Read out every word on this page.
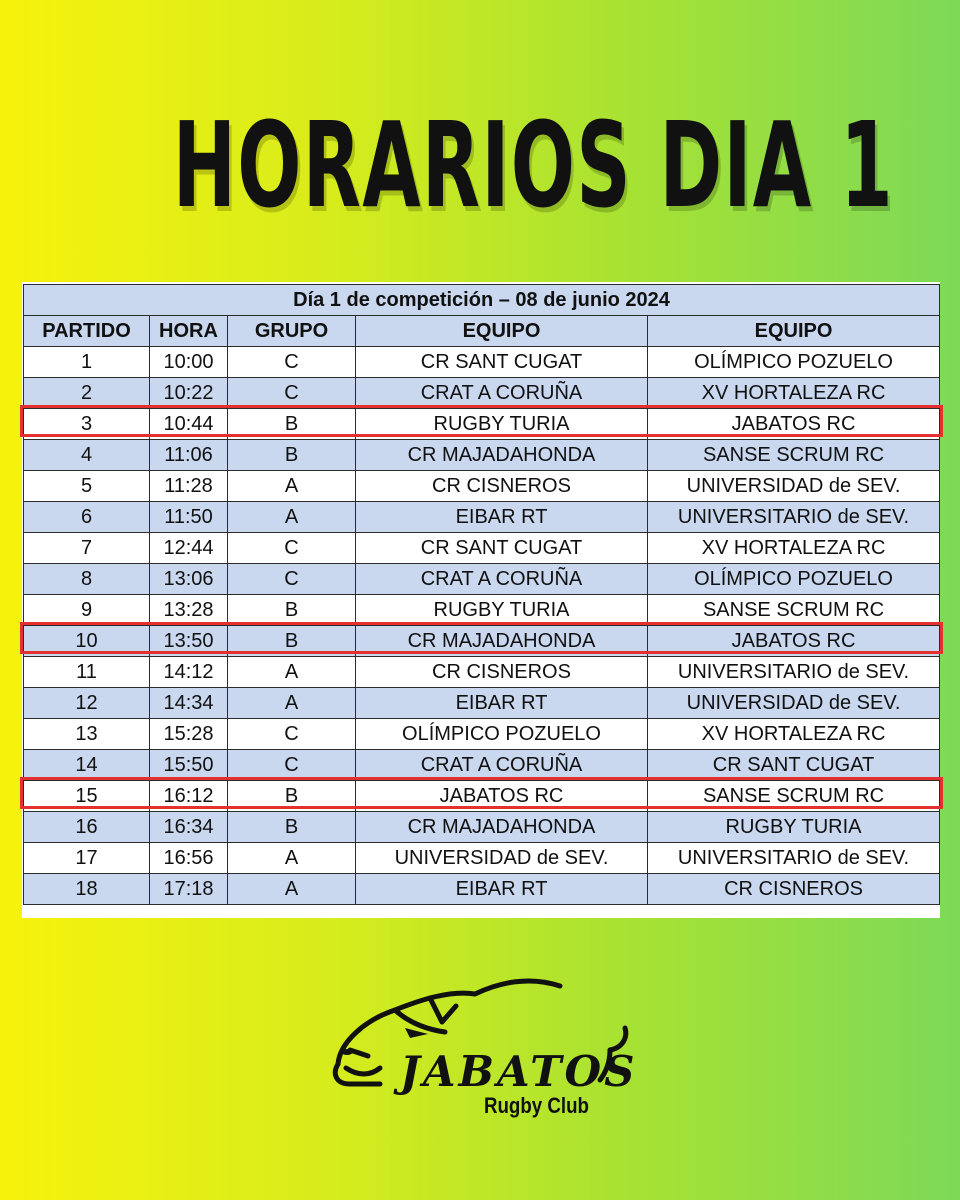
HORARIOS DIA 1
Día 1 de competición – 08 de junio 2024				
PARTIDO	HORA	GRUPO	EQUIPO	EQUIPO
1	10:00	C	CR SANT CUGAT	OLÍMPICO POZUELO
2	10:22	C	CRAT A CORUÑA	XV HORTALEZA RC
3	10:44	B	RUGBY TURIA	JABATOS RC
4	11:06	B	CR MAJADAHONDA	SANSE SCRUM RC
5	11:28	A	CR CISNEROS	UNIVERSIDAD de SEV.
6	11:50	A	EIBAR RT	UNIVERSITARIO de SEV.
7	12:44	C	CR SANT CUGAT	XV HORTALEZA RC
8	13:06	C	CRAT A CORUÑA	OLÍMPICO POZUELO
9	13:28	B	RUGBY TURIA	SANSE SCRUM RC
10	13:50	B	CR MAJADAHONDA	JABATOS RC
11	14:12	A	CR CISNEROS	UNIVERSITARIO de SEV.
12	14:34	A	EIBAR RT	UNIVERSIDAD de SEV.
13	15:28	C	OLÍMPICO POZUELO	XV HORTALEZA RC
14	15:50	C	CRAT A CORUÑA	CR SANT CUGAT
15	16:12	B	JABATOS RC	SANSE SCRUM RC
16	16:34	B	CR MAJADAHONDA	RUGBY TURIA
17	16:56	A	UNIVERSIDAD de SEV.	UNIVERSITARIO de SEV.
18	17:18	A	EIBAR RT	CR CISNEROS
JABATOS
Rugby Club
